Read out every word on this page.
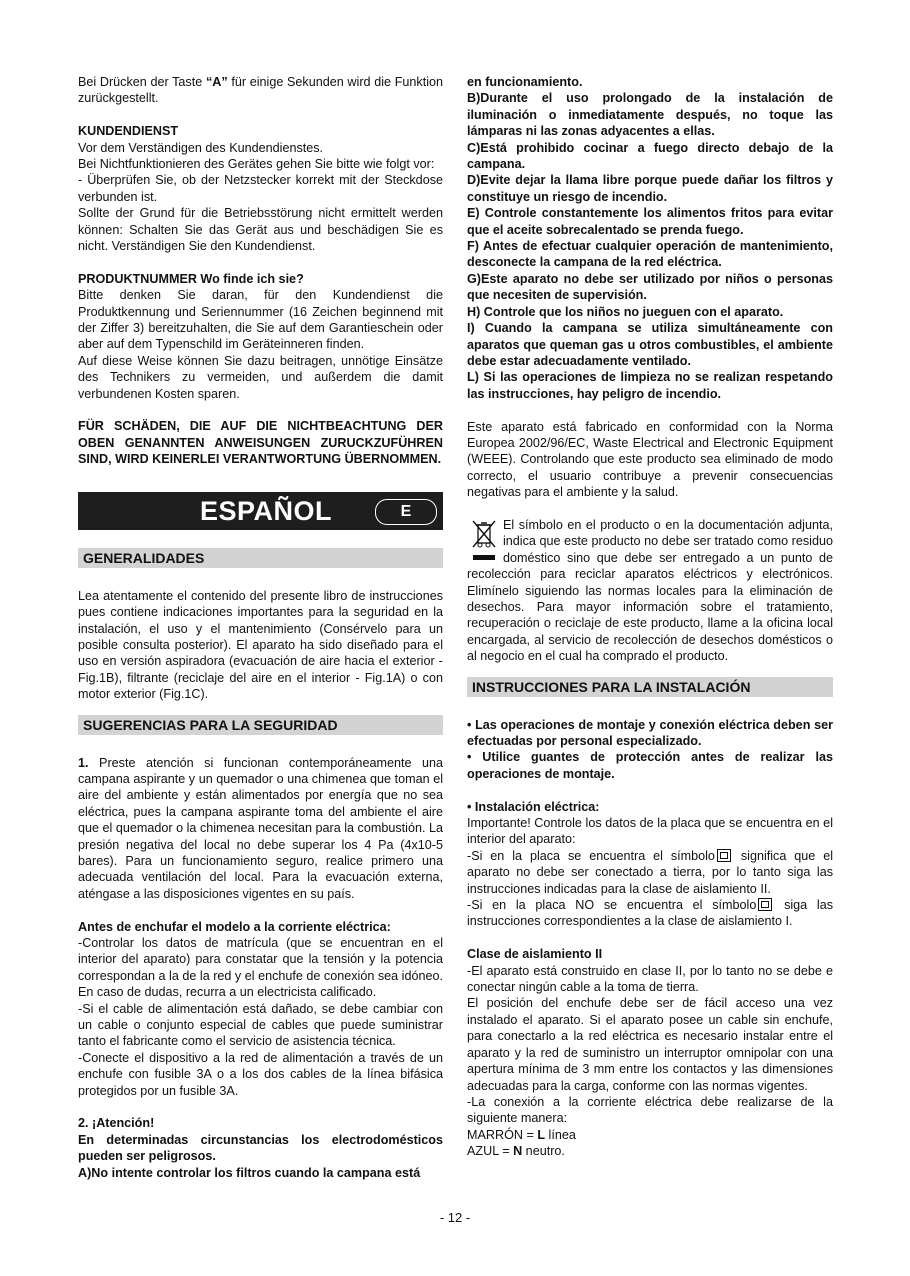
Bei Drücken der Taste “A” für einige Sekunden wird die Funktion zurückgestellt.

KUNDENDIENST

Vor dem Verständigen des Kundendienstes.

Bei Nichtfunktionieren des Gerätes gehen Sie bitte wie folgt vor:

- Überprüfen Sie, ob der Netzstecker korrekt mit der Steckdose verbunden ist.

Sollte der Grund für die Betriebsstörung nicht ermittelt werden können: Schalten Sie das Gerät aus und beschädigen Sie es nicht. Verständigen Sie den Kundendienst.

PRODUKTNUMMER Wo finde ich sie?

Bitte denken Sie daran, für den Kundendienst die Produktkennung und Seriennummer (16 Zeichen beginnend mit der Ziffer 3) bereitzuhalten, die Sie auf dem Garantieschein oder aber auf dem Typenschild im Geräteinneren finden.

Auf diese Weise können Sie dazu beitragen, unnötige Einsätze des Technikers zu vermeiden, und außerdem die damit verbundenen Kosten sparen.

FÜR SCHÄDEN, DIE AUF DIE NICHTBEACHTUNG DER OBEN GENANNTEN ANWEISUNGEN ZURUCKZUFÜHREN SIND, WIRD KEINERLEI VERANTWORTUNG ÜBERNOMMEN.

ESPAÑOL	E

GENERALIDADES

Lea atentamente el contenido del presente libro de instrucciones pues contiene indicaciones importantes para la seguridad en la instalación, el uso y el mantenimiento (Consérvelo para un posible consulta posterior). El aparato ha sido diseñado para el uso en versión aspiradora (evacuación de aire hacia el exterior - Fig.1B), filtrante (reciclaje del aire en el interior - Fig.1A) o con motor exterior (Fig.1C).

SUGERENCIAS PARA LA SEGURIDAD

1. Preste atención si funcionan contemporáneamente una campana aspirante y un quemador o una chimenea que toman el aire del ambiente y están alimentados por energía que no sea eléctrica, pues la campana aspirante toma del ambiente el aire que el quemador o la chimenea necesitan para la combustión. La presión negativa del local no debe superar los 4 Pa (4x10-5 bares). Para un funcionamiento seguro, realice primero una adecuada ventilación del local. Para la evacuación externa, aténgase a las disposiciones vigentes en su país.

Antes de enchufar el modelo a la corriente eléctrica:

-Controlar los datos de matrícula (que se encuentran en el interior del aparato) para constatar que la tensión y la potencia correspondan a la de la red y el enchufe de conexión sea idóneo. En caso de dudas, recurra a un electricista calificado.

-Si el cable de alimentación está dañado, se debe cambiar con un cable o conjunto especial de cables que puede suministrar tanto el fabricante como el servicio de asistencia técnica.

-Conecte el dispositivo a la red de alimentación a través de un enchufe con fusible 3A o a los dos cables de la línea bifásica protegidos por un fusible 3A.

2. ¡Atención!

En determinadas circunstancias los electrodomésticos pueden ser peligrosos.

A)No intente controlar los filtros cuando la campana está

en funcionamiento.

B)Durante el uso prolongado de la instalación de iluminación o inmediatamente después, no toque las lámparas ni las zonas adyacentes a ellas.

C)Está prohibido cocinar a fuego directo debajo de la campana.

D)Evite dejar la llama libre porque puede dañar los filtros y constituye un riesgo de incendio.

E) Controle constantemente los alimentos fritos para evitar que el aceite sobrecalentado se prenda fuego.

F) Antes de efectuar cualquier operación de mantenimiento, desconecte la campana de la red eléctrica.

G)Este aparato no debe ser utilizado por niños o personas que necesiten de supervisión.

H) Controle que los niños no jueguen con el aparato.

I) Cuando la campana se utiliza simultáneamente con aparatos que queman gas u otros combustibles, el ambiente debe estar adecuadamente ventilado.

L) Si las operaciones de limpieza no se realizan respetando las instrucciones, hay peligro de incendio.

Este aparato está fabricado en conformidad con la Norma Europea 2002/96/EC, Waste Electrical and Electronic Equipment (WEEE). Controlando que este producto sea eliminado de modo correcto, el usuario contribuye a prevenir consecuencias negativas para el ambiente y la salud.

El símbolo en el producto o en la documentación adjunta, indica que este producto no debe ser tratado como residuo doméstico sino que debe ser entregado a un punto de recolección para reciclar aparatos eléctricos y electrónicos. Elimínelo siguiendo las normas locales para la eliminación de desechos. Para mayor información sobre el tratamiento, recuperación o reciclaje de este producto, llame a la oficina local encargada, al servicio de recolección de desechos domésticos o al negocio en el cual ha comprado el producto.

INSTRUCCIONES PARA LA INSTALACIÓN

• Las operaciones de montaje y conexión eléctrica deben ser efectuadas por personal especializado.

• Utilice guantes de protección antes de realizar las operaciones de montaje.

• Instalación eléctrica:

Importante! Controle los datos de la placa que se encuentra en el interior del aparato:

-Si en la placa se encuentra el símbolo significa que el aparato no debe ser conectado a tierra, por lo tanto siga las instrucciones indicadas para la clase de aislamiento II.

-Si en la placa NO se encuentra el símbolo siga las instrucciones correspondientes a la clase de aislamiento I.

Clase de aislamiento II

-El aparato está construido en clase II, por lo tanto no se debe e conectar ningún cable a la toma de tierra.

El posición del enchufe debe ser de fácil acceso una vez instalado el aparato. Si el aparato posee un cable sin enchufe, para conectarlo a la red eléctrica es necesario instalar entre el aparato y la red de suministro un interruptor omnipolar con una apertura mínima de 3 mm entre los contactos y las dimensiones adecuadas para la carga, conforme con las normas vigentes.

-La conexión a la corriente eléctrica debe realizarse de la siguiente manera:

MARRÓN = L línea

AZUL = N neutro.

- 12 -
